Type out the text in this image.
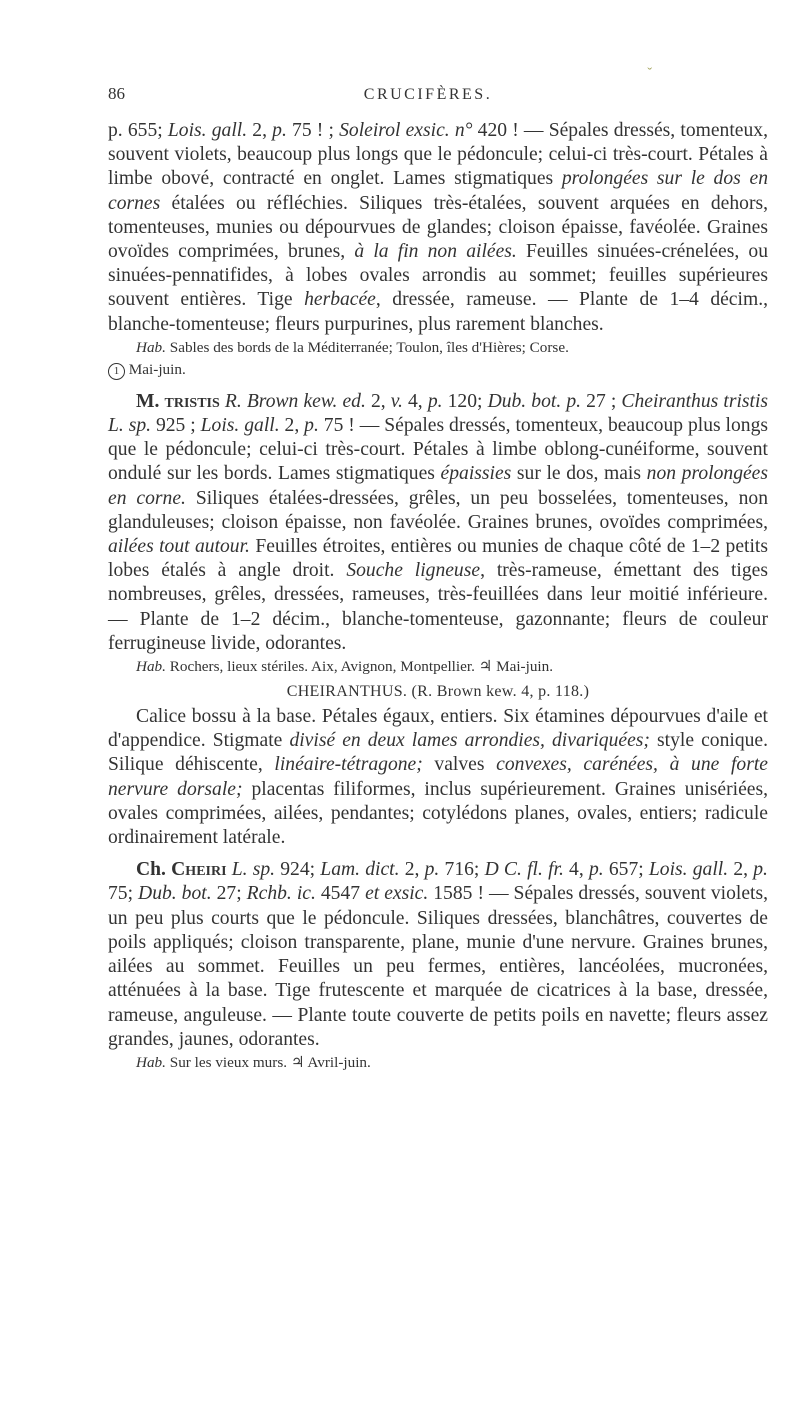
86	CRUCIFÈRES.
ˇ

p. 655; Lois. gall. 2, p. 75 ! ; Soleirol exsic. n° 420 ! — Sépales dressés, tomenteux, souvent violets, beaucoup plus longs que le pédoncule; celui-ci très-court. Pétales à limbe obové, contracté en onglet. Lames stigmatiques prolongées sur le dos en cornes étalées ou réfléchies. Siliques très-étalées, souvent arquées en dehors, tomenteuses, munies ou dépourvues de glandes; cloison épaisse, favéolée. Graines ovoïdes comprimées, brunes, à la fin non ailées. Feuilles sinuées-crénelées, ou sinuées-pennatifides, à lobes ovales arrondis au sommet; feuilles supérieures souvent entières. Tige herbacée, dressée, rameuse. — Plante de 1–4 décim., blanche-tomenteuse; fleurs purpurines, plus rarement blanches.

Hab. Sables des bords de la Méditerranée; Toulon, îles d'Hières; Corse.

1 Mai-juin.

M. tristis R. Brown kew. ed. 2, v. 4, p. 120; Dub. bot. p. 27 ; Cheiranthus tristis L. sp. 925 ; Lois. gall. 2, p. 75 ! — Sépales dressés, tomenteux, beaucoup plus longs que le pédoncule; celui-ci très-court. Pétales à limbe oblong-cunéiforme, souvent ondulé sur les bords. Lames stigmatiques épaissies sur le dos, mais non prolongées en corne. Siliques étalées-dressées, grêles, un peu bosselées, tomenteuses, non glanduleuses; cloison épaisse, non favéolée. Graines brunes, ovoïdes comprimées, ailées tout autour. Feuilles étroites, entières ou munies de chaque côté de 1–2 petits lobes étalés à angle droit. Souche ligneuse, très-rameuse, émettant des tiges nombreuses, grêles, dressées, rameuses, très-feuillées dans leur moitié inférieure. — Plante de 1–2 décim., blanche-tomenteuse, gazonnante; fleurs de couleur ferrugineuse livide, odorantes.

Hab. Rochers, lieux stériles. Aix, Avignon, Montpellier. ♃ Mai-juin.

CHEIRANTHUS. (R. Brown kew. 4, p. 118.)

Calice bossu à la base. Pétales égaux, entiers. Six étamines dépourvues d'aile et d'appendice. Stigmate divisé en deux lames arrondies, divariquées; style conique. Silique déhiscente, linéaire-tétragone; valves convexes, carénées, à une forte nervure dorsale; placentas filiformes, inclus supérieurement. Graines unisériées, ovales comprimées, ailées, pendantes; cotylédons planes, ovales, entiers; radicule ordinairement latérale.

Ch. Cheiri L. sp. 924; Lam. dict. 2, p. 716; D C. fl. fr. 4, p. 657; Lois. gall. 2, p. 75; Dub. bot. 27; Rchb. ic. 4547 et exsic. 1585 ! — Sépales dressés, souvent violets, un peu plus courts que le pédoncule. Siliques dressées, blanchâtres, couvertes de poils appliqués; cloison transparente, plane, munie d'une nervure. Graines brunes, ailées au sommet. Feuilles un peu fermes, entières, lancéolées, mucronées, atténuées à la base. Tige frutescente et marquée de cicatrices à la base, dressée, rameuse, anguleuse. — Plante toute couverte de petits poils en navette; fleurs assez grandes, jaunes, odorantes.

Hab. Sur les vieux murs. ♃ Avril-juin.
